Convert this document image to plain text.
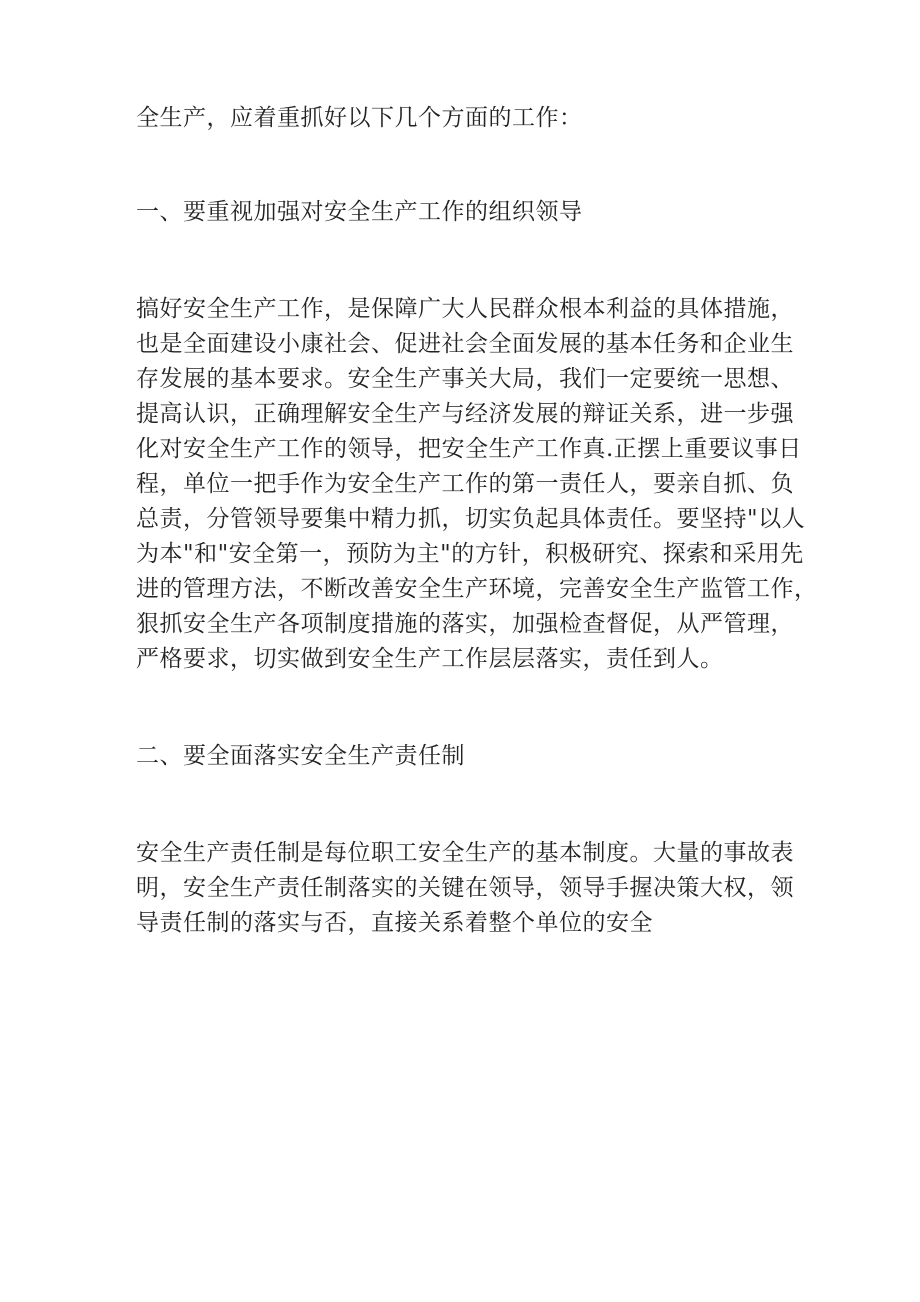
全生产，应着重抓好以下几个方面的工作：
一、要重视加强对安全生产工作的组织领导
搞好安全生产工作，是保障广大人民群众根本利益的具体措施，
也是全面建设小康社会、促进社会全面发展的基本任务和企业生
存发展的基本要求。安全生产事关大局，我们一定要统一思想、
提高认识，正确理解安全生产与经济发展的辩证关系，进一步强
化对安全生产工作的领导，把安全生产工作真.正摆上重要议事日
程，单位一把手作为安全生产工作的第一责任人，要亲自抓、负
总责，分管领导要集中精力抓，切实负起具体责任。要坚持"以人
为本"和"安全第一，预防为主"的方针，积极研究、探索和采用先
进的管理方法，不断改善安全生产环境，完善安全生产监管工作，
狠抓安全生产各项制度措施的落实，加强检查督促，从严管理，
严格要求，切实做到安全生产工作层层落实，责任到人。
二、要全面落实安全生产责任制
安全生产责任制是每位职工安全生产的基本制度。大量的事故表
明，安全生产责任制落实的关键在领导，领导手握决策大权，领
导责任制的落实与否，直接关系着整个单位的安全
